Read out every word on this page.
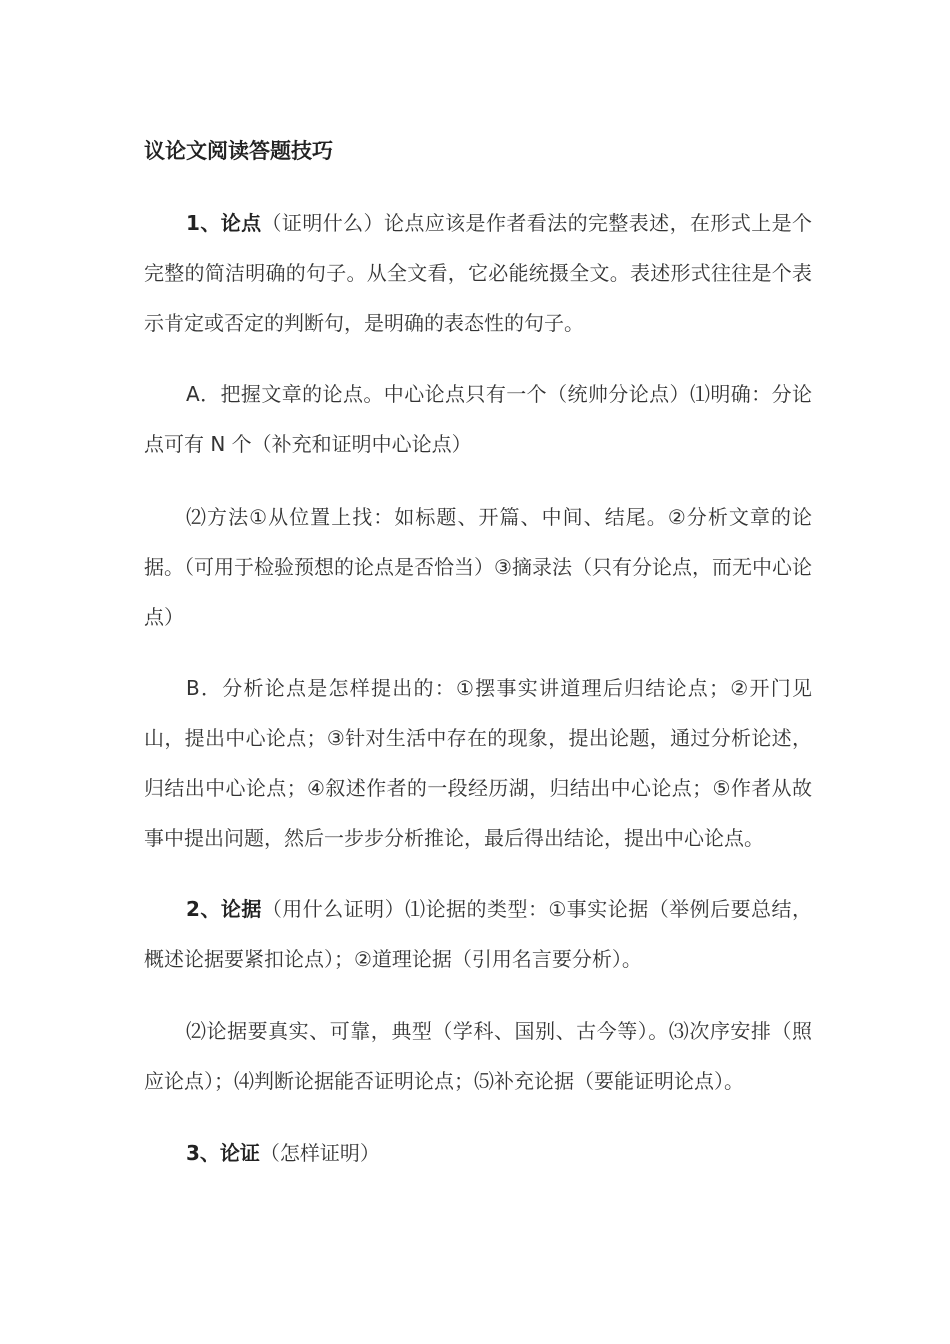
议论文阅读答题技巧

1、论点（证明什么）论点应该是作者看法的完整表述，在形式上是个完整的简洁明确的句子。从全文看，它必能统摄全文。表述形式往往是个表示肯定或否定的判断句，是明确的表态性的句子。

A．把握文章的论点。中心论点只有一个（统帅分论点）⑴明确：分论点可有 N 个（补充和证明中心论点）

⑵方法①从位置上找：如标题、开篇、中间、结尾。②分析文章的论据。（可用于检验预想的论点是否恰当）③摘录法（只有分论点，而无中心论点）

B．分析论点是怎样提出的：①摆事实讲道理后归结论点；②开门见山，提出中心论点；③针对生活中存在的现象，提出论题，通过分析论述，归结出中心论点；④叙述作者的一段经历湖，归结出中心论点；⑤作者从故事中提出问题，然后一步步分析推论，最后得出结论，提出中心论点。

2、论据（用什么证明）⑴论据的类型：①事实论据（举例后要总结，概述论据要紧扣论点）；②道理论据（引用名言要分析）。

⑵论据要真实、可靠，典型（学科、国别、古今等）。⑶次序安排（照应论点）；⑷判断论据能否证明论点；⑸补充论据（要能证明论点）。

3、论证（怎样证明）
